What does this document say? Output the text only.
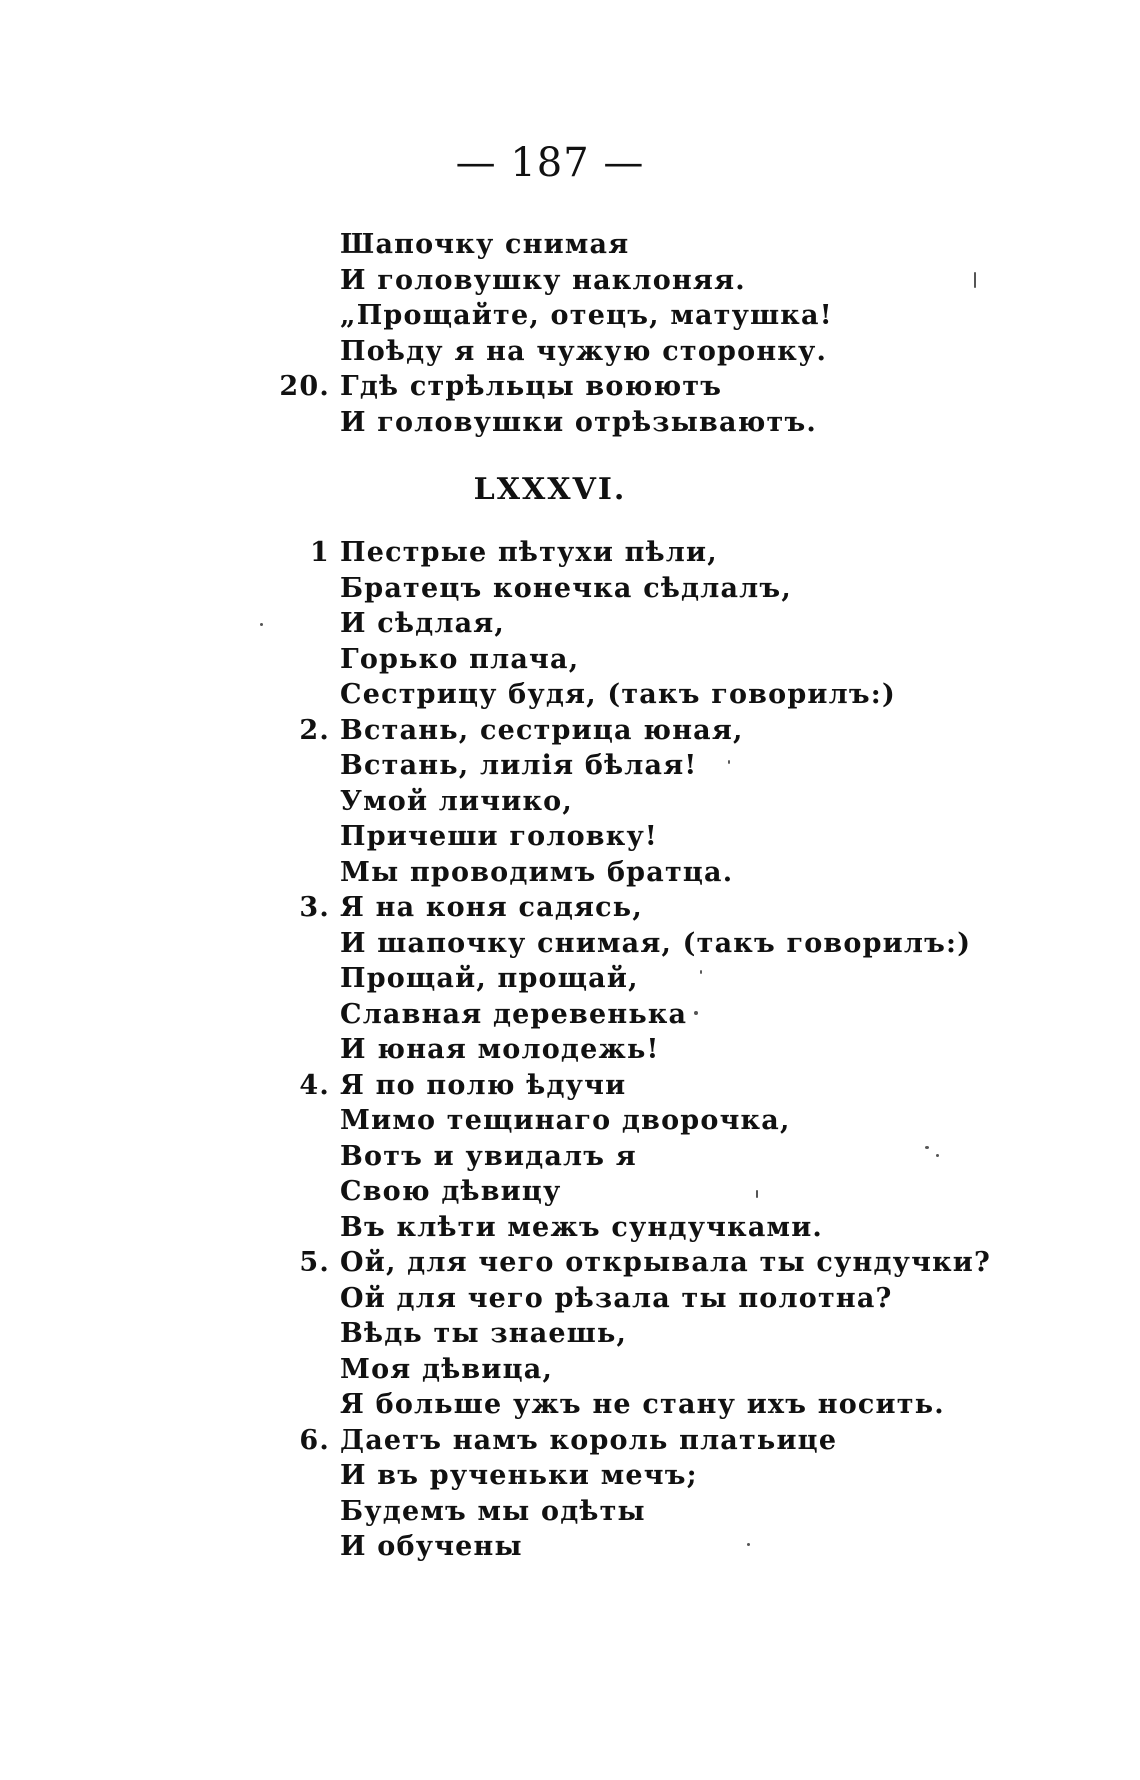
— 187 —
Шапочку снимая
И головушку наклоняя.
„Прощайте, отецъ, матушка!
Поѣду я на чужую сторонку.
20. Гдѣ стрѣльцы воюютъ
И головушки отрѣзываютъ.
LXXXVI.
1 Пестрые пѣтухи пѣли,
Братецъ конечка сѣдлалъ,
И сѣдлая,
Горько плача,
Сестрицу будя, (такъ говорилъ:)
2. Встань, сестрица юная,
Встань, лилія бѣлая!
Умой личико,
Причеши головку!
Мы проводимъ братца.
3. Я на коня садясь,
И шапочку снимая, (такъ говорилъ:)
Прощай, прощай,
Славная деревенька
И юная молодежь!
4. Я по полю ѣдучи
Мимо тещинаго дворочка,
Вотъ и увидалъ я
Свою дѣвицу
Въ клѣти межъ сундучками.
5. Ой, для чего открывала ты сундучки?
Ой для чего рѣзала ты полотна?
Вѣдь ты знаешь,
Моя дѣвица,
Я больше ужъ не стану ихъ носить.
6. Даетъ намъ король платьице
И въ рученьки мечъ;
Будемъ мы одѣты
И обучены
